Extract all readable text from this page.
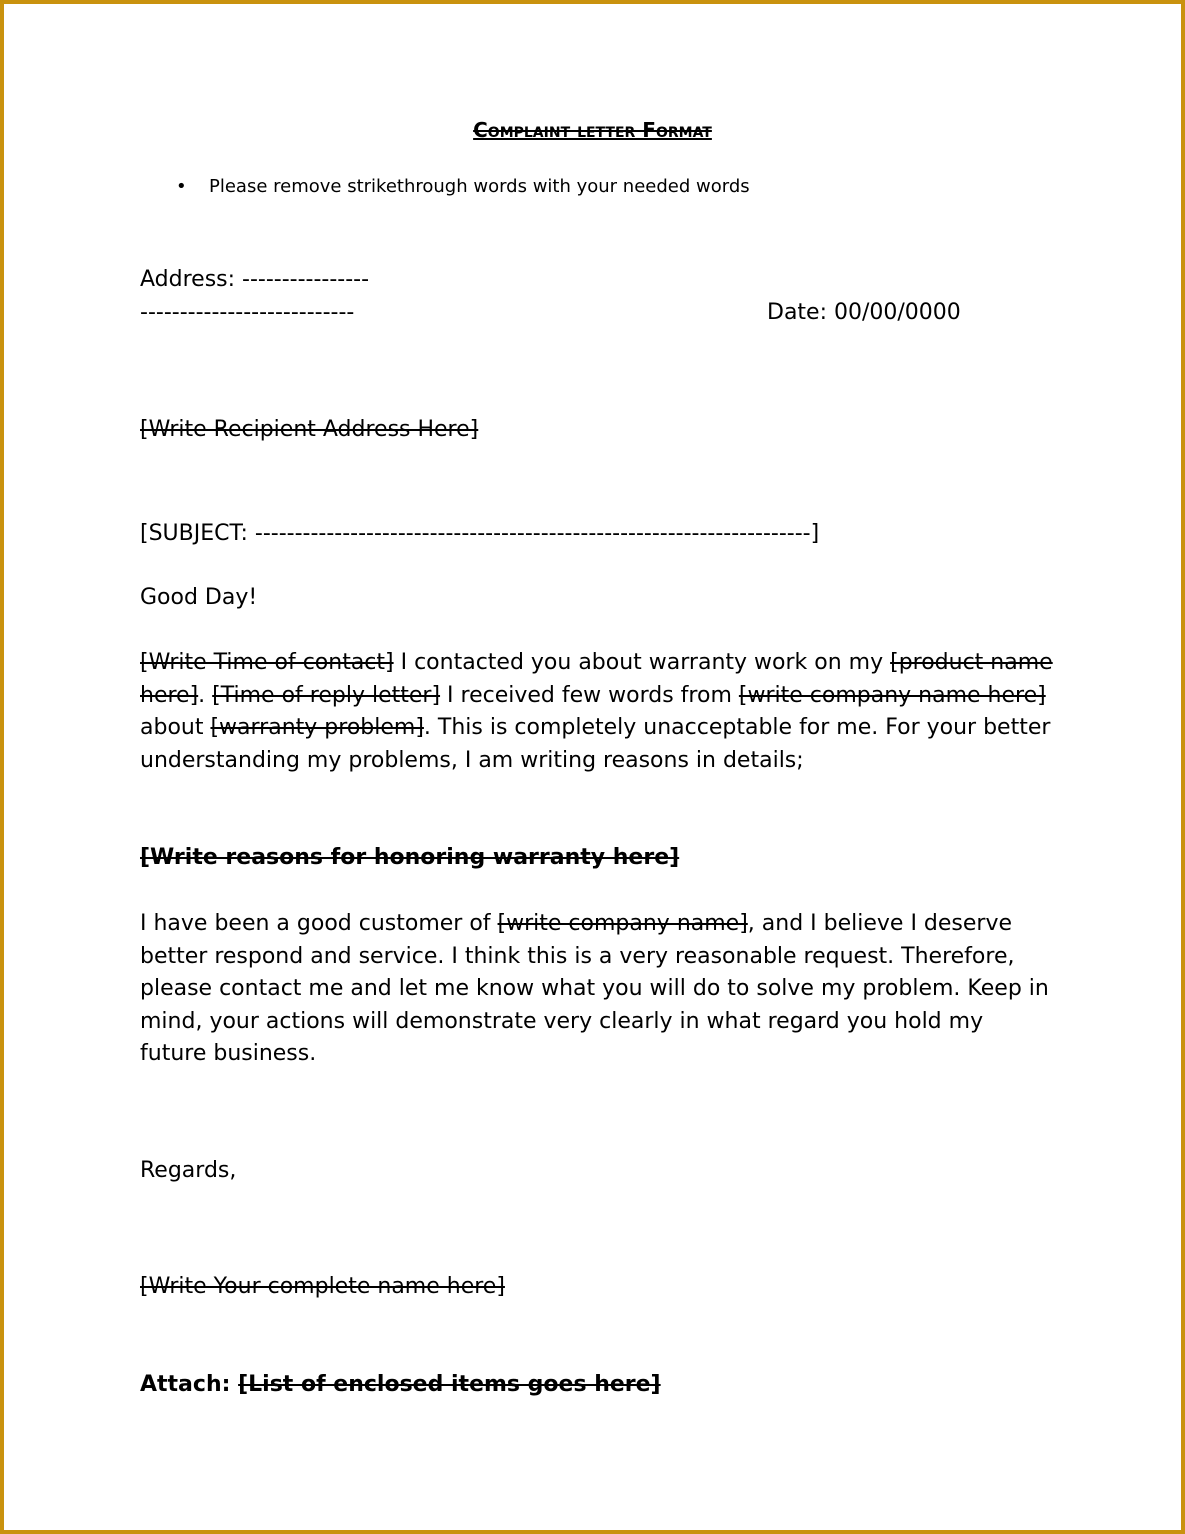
Complaint letter Format
• Please remove strikethrough words with your needed words
Address: ----------------
---------------------------	Date: 00/00/0000
[Write Recipient Address Here]
[SUBJECT: ----------------------------------------------------------------------]
Good Day!
[Write Time of contact] I contacted you about warranty work on my [product name here]. [Time of reply letter] I received few words from [write company name here] about [warranty problem]. This is completely unacceptable for me. For your better understanding my problems, I am writing reasons in details;
[Write reasons for honoring warranty here]
I have been a good customer of [write company name], and I believe I deserve better respond and service. I think this is a very reasonable request. Therefore, please contact me and let me know what you will do to solve my problem. Keep in mind, your actions will demonstrate very clearly in what regard you hold my future business.
Regards,
[Write Your complete name here]
Attach: [List of enclosed items goes here]
